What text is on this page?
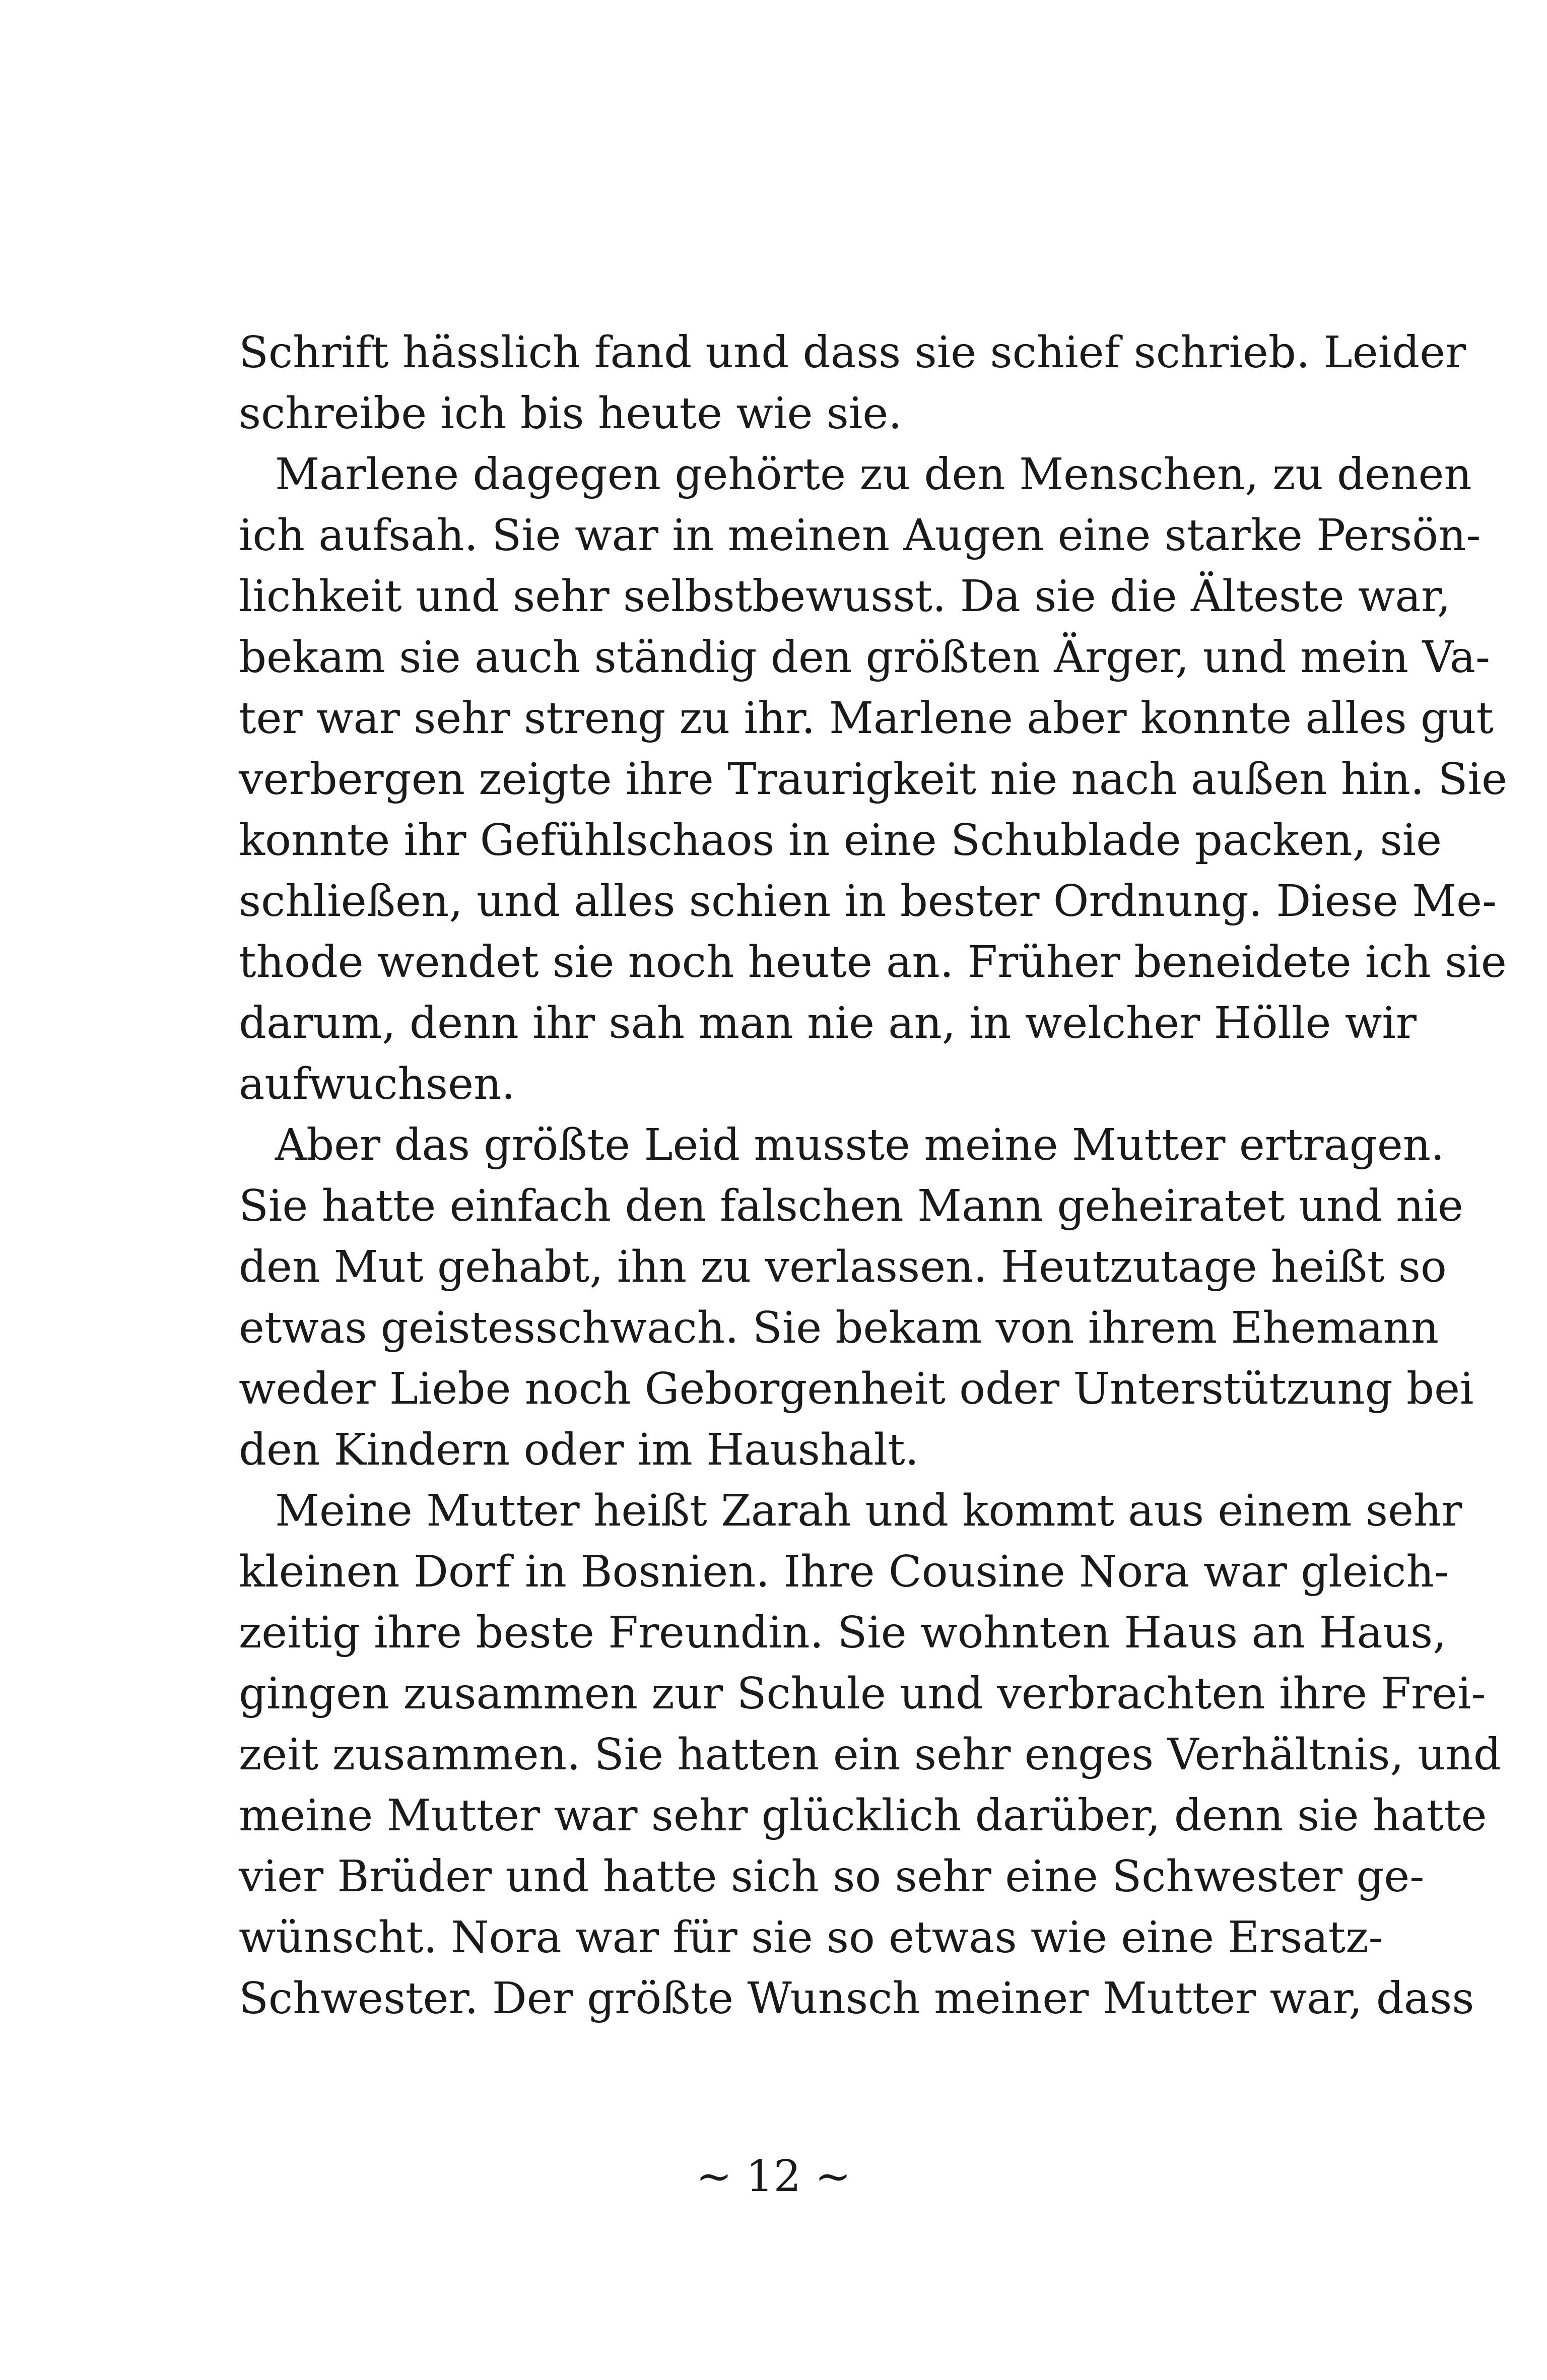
Schrift hässlich fand und dass sie schief schrieb. Leider
schreibe ich bis heute wie sie.
Marlene dagegen gehörte zu den Menschen, zu denen
ich aufsah. Sie war in meinen Augen eine starke Persön-
lichkeit und sehr selbstbewusst. Da sie die Älteste war,
bekam sie auch ständig den größten Ärger, und mein Va-
ter war sehr streng zu ihr. Marlene aber konnte alles gut
verbergen zeigte ihre Traurigkeit nie nach außen hin. Sie
konnte ihr Gefühlschaos in eine Schublade packen, sie
schließen, und alles schien in bester Ordnung. Diese Me-
thode wendet sie noch heute an. Früher beneidete ich sie
darum, denn ihr sah man nie an, in welcher Hölle wir
aufwuchsen.
Aber das größte Leid musste meine Mutter ertragen.
Sie hatte einfach den falschen Mann geheiratet und nie
den Mut gehabt, ihn zu verlassen. Heutzutage heißt so
etwas geistesschwach. Sie bekam von ihrem Ehemann
weder Liebe noch Geborgenheit oder Unterstützung bei
den Kindern oder im Haushalt.
Meine Mutter heißt Zarah und kommt aus einem sehr
kleinen Dorf in Bosnien. Ihre Cousine Nora war gleich-
zeitig ihre beste Freundin. Sie wohnten Haus an Haus,
gingen zusammen zur Schule und verbrachten ihre Frei-
zeit zusammen. Sie hatten ein sehr enges Verhältnis, und
meine Mutter war sehr glücklich darüber, denn sie hatte
vier Brüder und hatte sich so sehr eine Schwester ge-
wünscht. Nora war für sie so etwas wie eine Ersatz-
Schwester. Der größte Wunsch meiner Mutter war, dass
~ 12 ~
